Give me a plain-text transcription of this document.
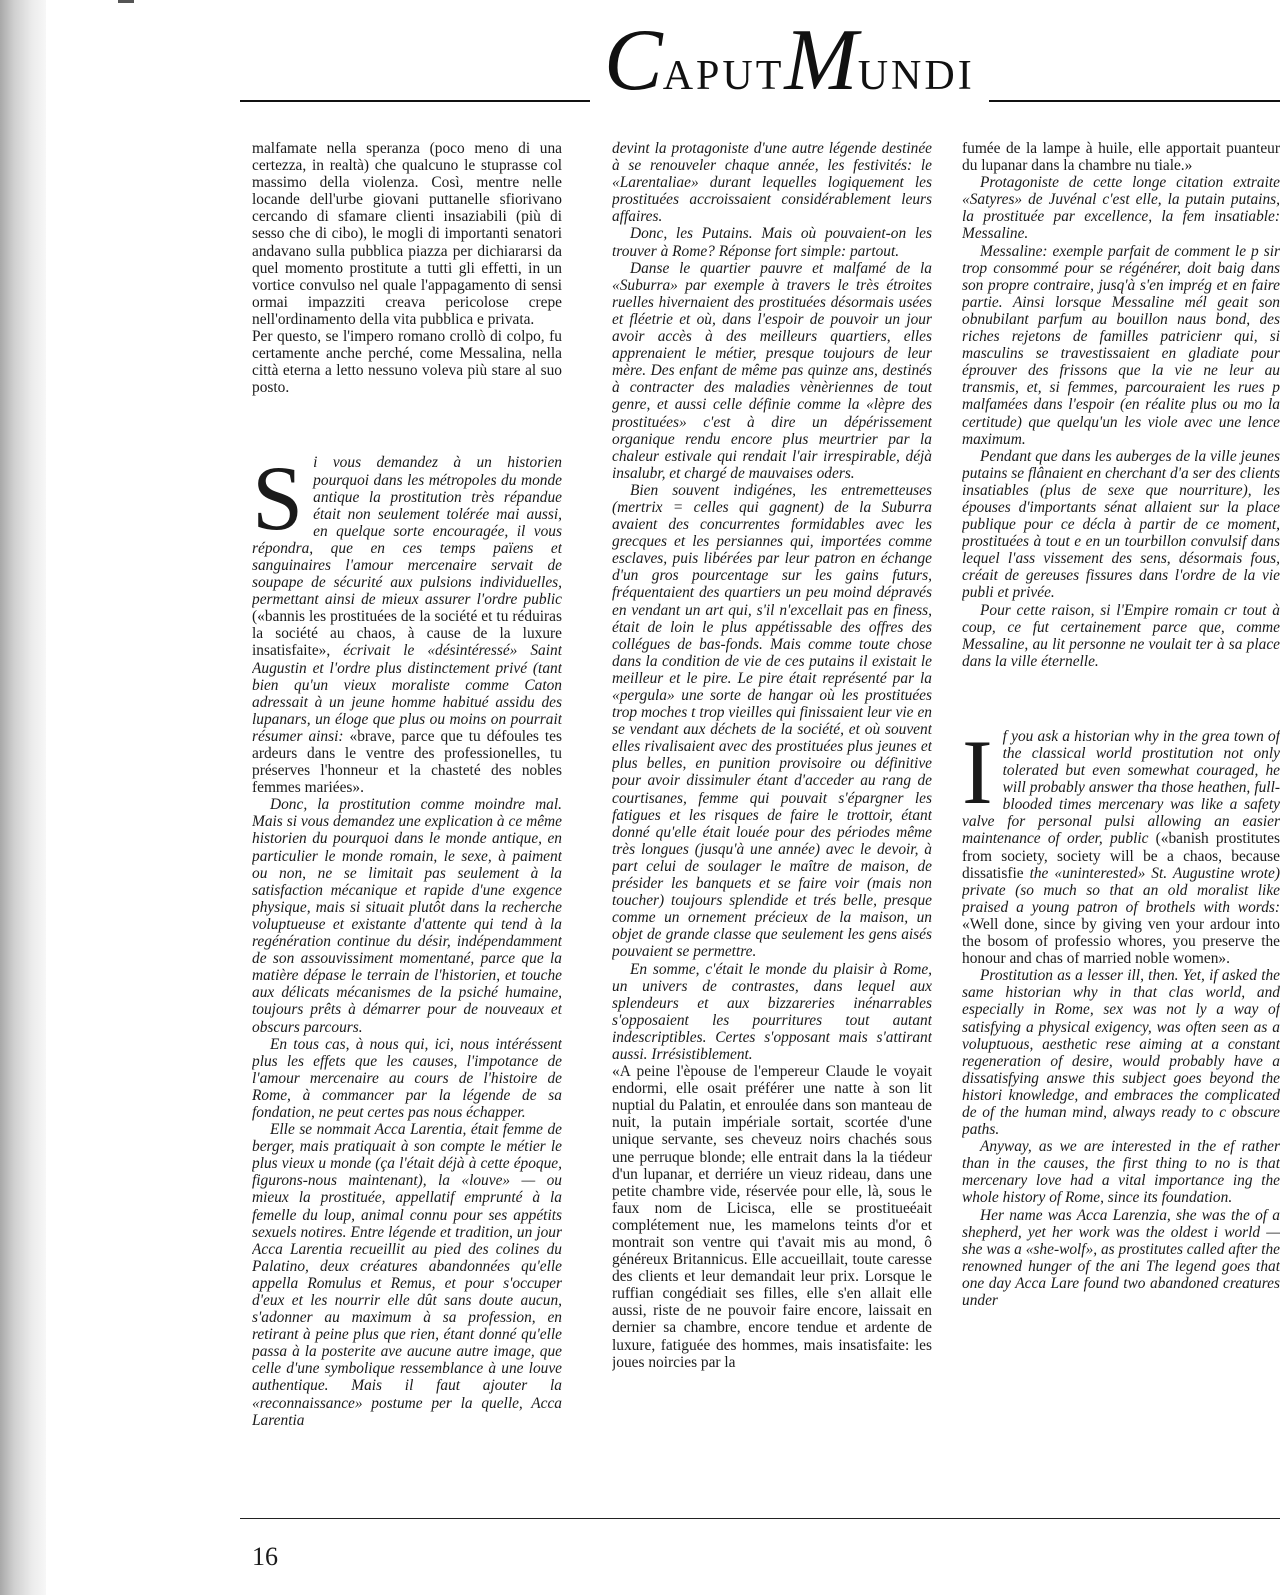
CAPUTMUNDI

malfamate nella speranza (poco meno di una certezza, in realtà) che qualcuno le stuprasse col massimo della violenza. Così, mentre nelle locande dell'urbe giovani puttanelle sfiorivano cercando di sfamare clienti insaziabili (più di sesso che di cibo), le mogli di importanti senatori andavano sulla pubblica piazza per dichiararsi da quel momento prostitute a tutti gli effetti, in un vortice convulso nel quale l'appagamento di sensi ormai impazziti creava pericolose crepe nell'ordinamento della vita pubblica e privata.

Per questo, se l'impero romano crollò di colpo, fu certamente anche perché, come Messalina, nella città eterna a letto nessuno voleva più stare al suo posto.

Si vous demandez à un historien pourquoi dans les métropoles du monde antique la prostitution très répandue était non seulement tolérée mai aussi, en quelque sorte encouragée, il vous répondra, que en ces temps païens et sanguinaires l'amour mercenaire servait de soupape de sécurité aux pulsions individuelles, permettant ainsi de mieux assurer l'ordre public («bannis les prostituées de la société et tu réduiras la société au chaos, à cause de la luxure insatisfaite», écrivait le «désintéressé» Saint Augustin et l'ordre plus distinctement privé (tant bien qu'un vieux moraliste comme Caton adressait à un jeune homme habitué assidu des lupanars, un éloge que plus ou moins on pourrait résumer ainsi: «brave, parce que tu défoules tes ardeurs dans le ventre des professionelles, tu préserves l'honneur et la chasteté des nobles femmes mariées».

Donc, la prostitution comme moindre mal. Mais si vous demandez une explication à ce même historien du pourquoi dans le monde antique, en particulier le monde romain, le sexe, à paiment ou non, ne se limitait pas seulement à la satisfaction mécanique et rapide d'une exgence physique, mais si situait plutôt dans la recherche voluptueuse et existante d'attente qui tend à la regénération continue du désir, indépendamment de son assouvissiment momentané, parce que la matière dépase le terrain de l'historien, et touche aux délicats mécanismes de la psiché humaine, toujours prêts à démarrer pour de nouveaux et obscurs parcours.

En tous cas, à nous qui, ici, nous intéréssent plus les effets que les causes, l'impotance de l'amour mercenaire au cours de l'histoire de Rome, à commancer par la légende de sa fondation, ne peut certes pas nous échapper.

Elle se nommait Acca Larentia, était femme de berger, mais pratiquait à son compte le métier le plus vieux u monde (ça l'était déjà à cette époque, figurons-nous maintenant), la «louve» — ou mieux la prostituée, appellatif emprunté à la femelle du loup, animal connu pour ses appétits sexuels notires. Entre légende et tradition, un jour Acca Larentia recueillit au pied des colines du Palatino, deux créatures abandonnées qu'elle appella Romulus et Remus, et pour s'occuper d'eux et les nourrir elle dût sans doute aucun, s'adonner au maximum à sa profession, en retirant à peine plus que rien, étant donné qu'elle passa à la posterite ave aucune autre image, que celle d'une symbolique ressemblance à une louve authentique. Mais il faut ajouter la «reconnaissance» postume per la quelle, Acca Larentia

devint la protagoniste d'une autre légende destinée à se renouveler chaque année, les festivités: le «Larentaliae» durant lequelles logiquement les prostituées accroissaient considérablement leurs affaires.

Donc, les Putains. Mais où pouvaient-on les trouver à Rome? Réponse fort simple: partout.

Danse le quartier pauvre et malfamé de la «Suburra» par exemple à travers le très étroites ruelles hivernaient des prostituées désormais usées et fléetrie et où, dans l'espoir de pouvoir un jour avoir accès à des meilleurs quartiers, elles apprenaient le métier, presque toujours de leur mère. Des enfant de même pas quinze ans, destinés à contracter des maladies vènèriennes de tout genre, et aussi celle définie comme la «lèpre des prostituées» c'est à dire un dépérissement organique rendu encore plus meurtrier par la chaleur estivale qui rendait l'air irrespirable, déjà insalubr, et chargé de mauvaises oders.

Bien souvent indigénes, les entremetteuses (mertrix = celles qui gagnent) de la Suburra avaient des concurrentes formidables avec les grecques et les persiannes qui, importées comme esclaves, puis libérées par leur patron en échange d'un gros pourcentage sur les gains futurs, fréquentaient des quartiers un peu moind dépravés en vendant un art qui, s'il n'excellait pas en finess, était de loin le plus appétissable des offres des collégues de bas-fonds. Mais comme toute chose dans la condition de vie de ces putains il existait le meilleur et le pire. Le pire était représenté par la «pergula» une sorte de hangar où les prostituées trop moches t trop vieilles qui finissaient leur vie en se vendant aux déchets de la société, et où souvent elles rivalisaient avec des prostituées plus jeunes et plus belles, en punition provisoire ou définitive pour avoir dissimuler étant d'acceder au rang de courtisanes, femme qui pouvait s'épargner les fatigues et les risques de faire le trottoir, étant donné qu'elle était louée pour des périodes même très longues (jusqu'à une année) avec le devoir, à part celui de soulager le maître de maison, de présider les banquets et se faire voir (mais non toucher) toujours splendide et trés belle, presque comme un ornement précieux de la maison, un objet de grande classe que seulement les gens aisés pouvaient se permettre.

En somme, c'était le monde du plaisir à Rome, un univers de contrastes, dans lequel aux splendeurs et aux bizzareries inénarrables s'opposaient les pourritures tout autant indescriptibles. Certes s'opposant mais s'attirant aussi. Irrésistiblement.

«A peine l'èpouse de l'empereur Claude le voyait endormi, elle osait préférer une natte à son lit nuptial du Palatin, et enroulée dans son manteau de nuit, la putain impériale sortait, scortée d'une unique servante, ses cheveuz noirs chachés sous une perruque blonde; elle entrait dans la la tiédeur d'un lupanar, et derriére un vieuz rideau, dans une petite chambre vide, réservée pour elle, là, sous le faux nom de Licisca, elle se prostitueéait complétement nue, les mamelons teints d'or et montrait son ventre qui t'avait mis au mond, ô généreux Britannicus. Elle accueillait, toute caresse des clients et leur demandait leur prix. Lorsque le ruffian congédiait ses filles, elle s'en allait elle aussi, riste de ne pouvoir faire encore, laissait en dernier sa chambre, encore tendue et ardente de luxure, fatiguée des hommes, mais insatisfaite: les joues noircies par la

fumée de la lampe à huile, elle apportait puanteur du lupanar dans la chambre nu tiale.»

Protagoniste de cette longe citation extraite «Satyres» de Juvénal c'est elle, la putain putains, la prostituée par excellence, la fem insatiable: Messaline.

Messaline: exemple parfait de comment le p sir trop consommé pour se régénérer, doit baig dans son propre contraire, jusq'à s'en imprég et en faire partie. Ainsi lorsque Messaline mél geait son obnubilant parfum au bouillon naus bond, des riches rejetons de familles patricienr qui, si masculins se travestissaient en gladiate pour éprouver des frissons que la vie ne leur au transmis, et, si femmes, parcouraient les rues p malfamées dans l'espoir (en réalite plus ou mo la certitude) que quelqu'un les viole avec une lence maximum.

Pendant que dans les auberges de la ville jeunes putains se flânaient en cherchant d'a ser des clients insatiables (plus de sexe que nourriture), les épouses d'importants sénat allaient sur la place publique pour ce décla à partir de ce moment, prostituées à tout e en un tourbillon convulsif dans lequel l'ass vissement des sens, désormais fous, créait de gereuses fissures dans l'ordre de la vie publi et privée.

Pour cette raison, si l'Empire romain cr tout à coup, ce fut certainement parce que, comme Messaline, au lit personne ne voulait ter à sa place dans la ville éternelle.

If you ask a historian why in the grea town of the classical world prostitution not only tolerated but even somewhat couraged, he will probably answer tha those heathen, full-blooded times mercenary was like a safety valve for personal pulsi allowing an easier maintenance of order, public («banish prostitutes from society, society will be a chaos, because dissatisfie the «uninterested» St. Augustine wrote) private (so much so that an old moralist like praised a young patron of brothels with words: «Well done, since by giving ven your ardour into the bosom of professio whores, you preserve the honour and chas of married noble women».

Prostitution as a lesser ill, then. Yet, if asked the same historian why in that clas world, and especially in Rome, sex was not ly a way of satisfying a physical exigency, was often seen as a voluptuous, aesthetic rese aiming at a constant regeneration of desire, would probably have a dissatisfying answe this subject goes beyond the histori knowledge, and embraces the complicated de of the human mind, always ready to c obscure paths.

Anyway, as we are interested in the ef rather than in the causes, the first thing to no is that mercenary love had a vital importance ing the whole history of Rome, since its foundation.

Her name was Acca Larenzia, she was the of a shepherd, yet her work was the oldest i world — she was a «she-wolf», as prostitutes called after the renowned hunger of the ani The legend goes that one day Acca Lare found two abandoned creatures under

16
